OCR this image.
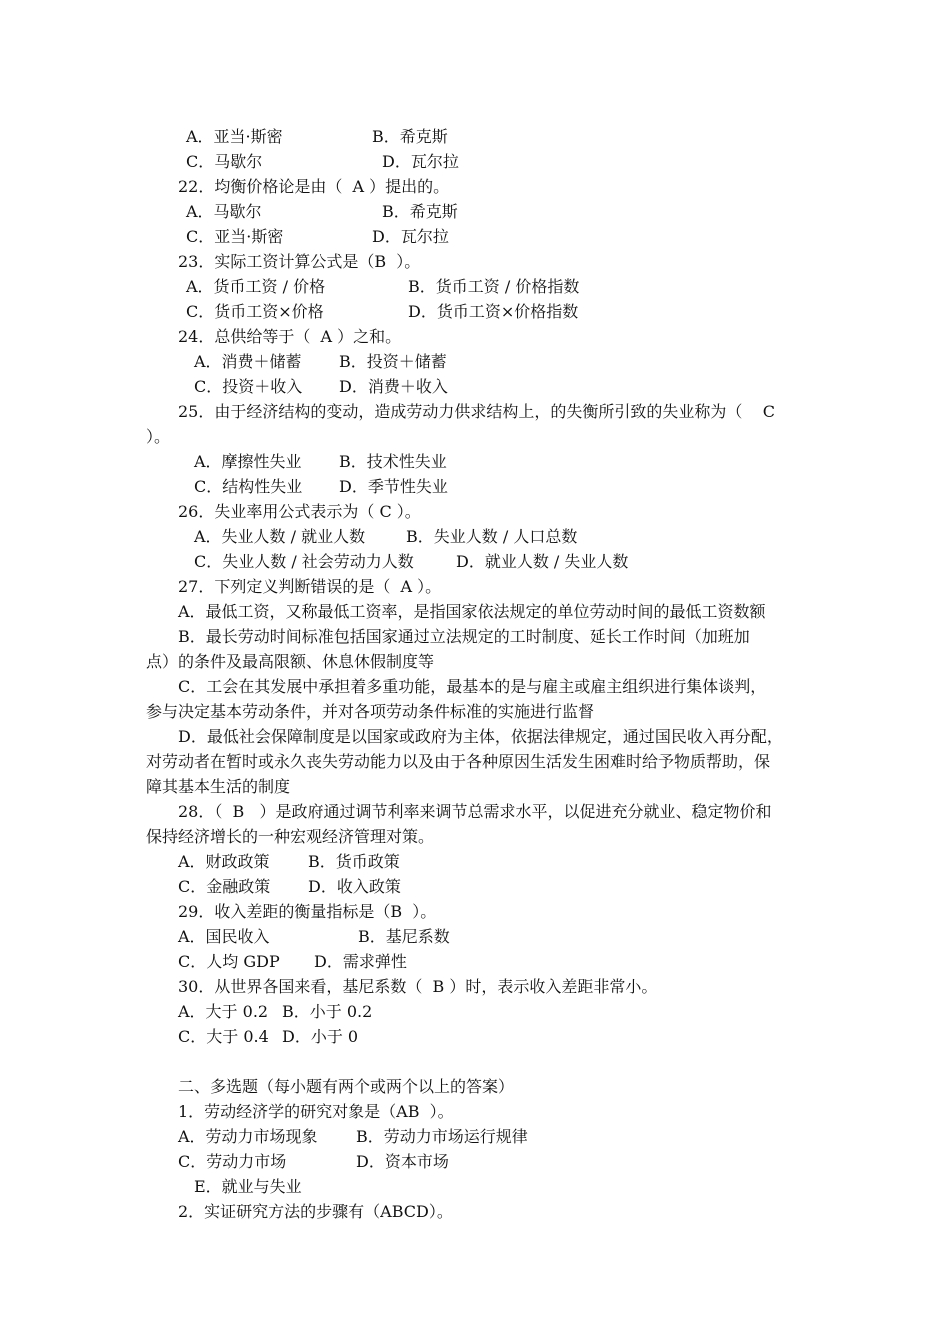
A．亚当·斯密

	B．希克斯

C．马歇尔

	D．瓦尔拉

22．均衡价格论是由（  A ）提出的。

A．马歇尔

	B．希克斯

C．亚当·斯密

	D．瓦尔拉

23．实际工资计算公式是（B  ）。

A．货币工资 / 价格

	B．货币工资 / 价格指数

C．货币工资×价格

	D．货币工资×价格指数

24．总供给等于（  A ）之和。

A．消费＋储蓄

B．投资＋储蓄

C．投资＋收入

D．消费＋收入

25．由于经济结构的变动，造成劳动力供求结构上，的失衡所引致的失业称为（    C
）。

A．摩擦性失业

B．技术性失业

C．结构性失业

D．季节性失业

26．失业率用公式表示为（ C ）。

A．失业人数 / 就业人数

	B．失业人数 / 人口总数

C．失业人数 / 社会劳动力人数

	D．就业人数 / 失业人数

27．下列定义判断错误的是（  A ）。
A．最低工资，又称最低工资率，是指国家依法规定的单位劳动时间的最低工资数额
B．最长劳动时间标准包括国家通过立法规定的工时制度、延长工作时间（加班加
点）的条件及最高限额、休息休假制度等
C．工会在其发展中承担着多重功能，最基本的是与雇主或雇主组织进行集体谈判，
参与决定基本劳动条件，并对各项劳动条件标准的实施进行监督
D．最低社会保障制度是以国家或政府为主体，依据法律规定，通过国民收入再分配，
对劳动者在暂时或永久丧失劳动能力以及由于各种原因生活发生困难时给予物质帮助，保
障其基本生活的制度
28．（  B   ）是政府通过调节利率来调节总需求水平，以促进充分就业、稳定物价和
保持经济增长的一种宏观经济管理对策。

A．财政政策

B．货币政策

C．金融政策

D．收入政策

29．收入差距的衡量指标是（B  ）。

A．国民收入

	B．基尼系数

C．人均 GDP

D．需求弹性

30．从世界各国来看，基尼系数（  B ）时，表示收入差距非常小。

A．大于 0.2

B．小于 0.2

C．大于 0.4

D．小于 0

二、多选题（每小题有两个或两个以上的答案）
1．劳动经济学的研究对象是（AB  ）。

A．劳动力市场现象

B．劳动力市场运行规律

C．劳动力市场

	D．资本市场

E．就业与失业
2．实证研究方法的步骤有（ABCD）。
